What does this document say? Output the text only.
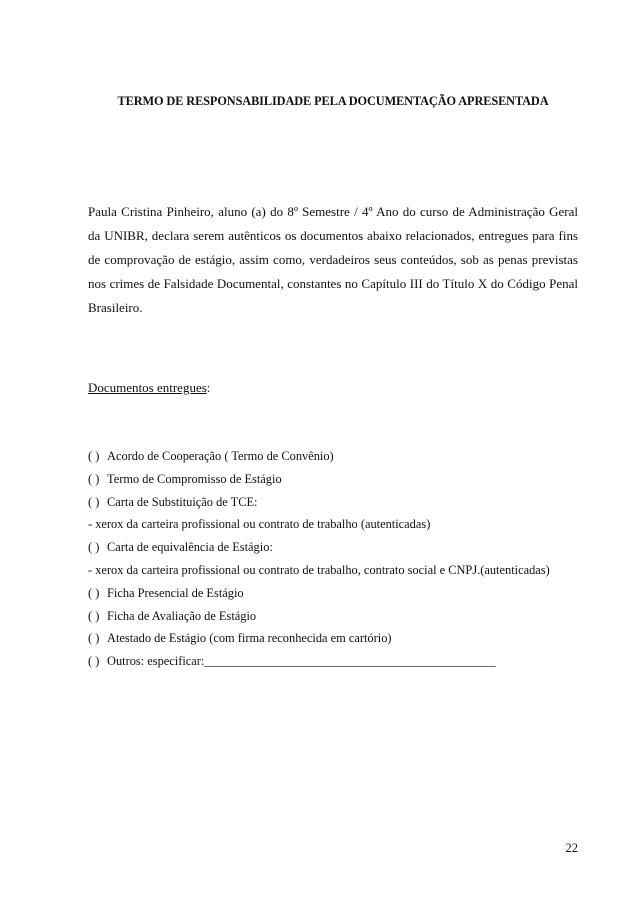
TERMO DE RESPONSABILIDADE PELA DOCUMENTAÇÃO APRESENTADA

Paula Cristina Pinheiro, aluno (a) do 8º Semestre / 4º Ano do curso de Administração Geral da UNIBR, declara serem autênticos os documentos abaixo relacionados, entregues para fins de comprovação de estágio, assim como, verdadeiros seus conteúdos, sob as penas previstas nos crimes de Falsidade Documental, constantes no Capítulo III do Título X do Código Penal Brasileiro.

Documentos entregues:
( ) Acordo de Cooperação ( Termo de Convênio)
( ) Termo de Compromisso de Estágio
( ) Carta de Substituição de TCE:
- xerox da carteira profissional ou contrato de trabalho (autenticadas)
( ) Carta de equivalência de Estágio:
- xerox da carteira profissional ou contrato de trabalho, contrato social e CNPJ.(autenticadas)
( ) Ficha Presencial de Estágio
( ) Ficha de Avaliação de Estágio
( ) Atestado de Estágio (com firma reconhecida em cartório)
( ) Outros: especificar:_______________________________________________
22
